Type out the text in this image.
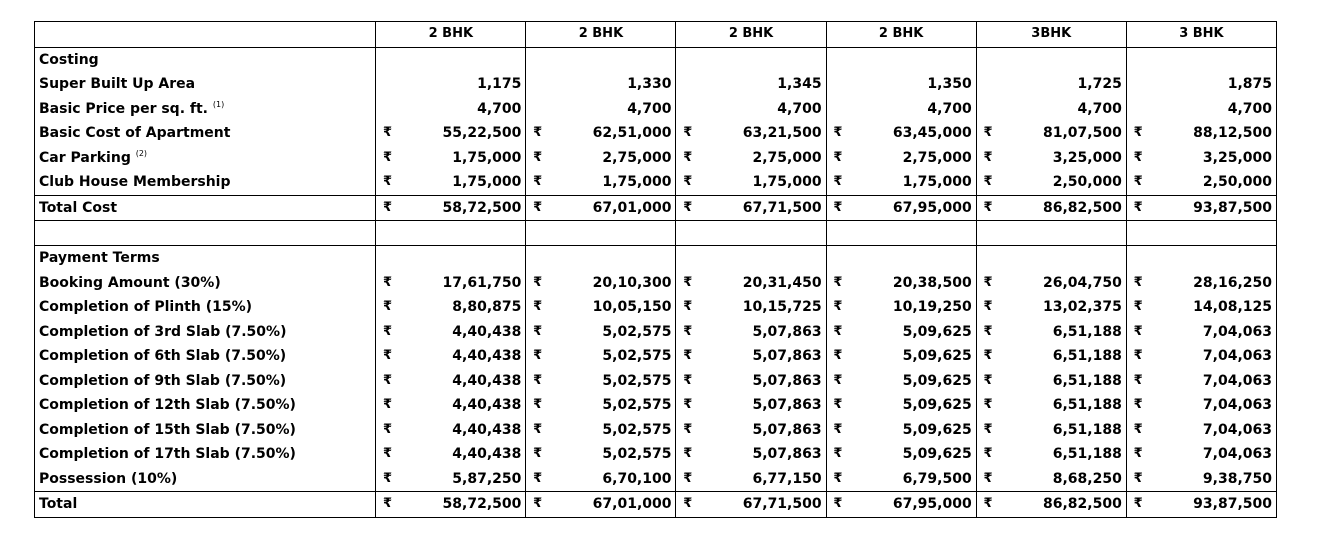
	2 BHK		2 BHK		2 BHK		2 BHK		3BHK		3 BHK	
Costing												
Super Built Up Area		1,175		1,330		1,345		1,350		1,725		1,875
Basic Price per sq. ft. $^{(1)}$		4,700		4,700		4,700		4,700		4,700		4,700
Basic Cost of Apartment	₹	55,22,500	₹	62,51,000	₹	63,21,500	₹	63,45,000	₹	81,07,500	₹	88,12,500
Car Parking $^{(2)}$	₹	1,75,000	₹	2,75,000	₹	2,75,000	₹	2,75,000	₹	3,25,000	₹	3,25,000
Club House Membership	₹	1,75,000	₹	1,75,000	₹	1,75,000	₹	1,75,000	₹	2,50,000	₹	2,50,000
Total Cost	₹	58,72,500	₹	67,01,000	₹	67,71,500	₹	67,95,000	₹	86,82,500	₹	93,87,500

Payment Terms												
Booking Amount (30%)	₹	17,61,750	₹	20,10,300	₹	20,31,450	₹	20,38,500	₹	26,04,750	₹	28,16,250
Completion of Plinth (15%)	₹	8,80,875	₹	10,05,150	₹	10,15,725	₹	10,19,250	₹	13,02,375	₹	14,08,125
Completion of 3rd Slab (7.50%)	₹	4,40,438	₹	5,02,575	₹	5,07,863	₹	5,09,625	₹	6,51,188	₹	7,04,063
Completion of 6th Slab (7.50%)	₹	4,40,438	₹	5,02,575	₹	5,07,863	₹	5,09,625	₹	6,51,188	₹	7,04,063
Completion of 9th Slab (7.50%)	₹	4,40,438	₹	5,02,575	₹	5,07,863	₹	5,09,625	₹	6,51,188	₹	7,04,063
Completion of 12th Slab (7.50%)	₹	4,40,438	₹	5,02,575	₹	5,07,863	₹	5,09,625	₹	6,51,188	₹	7,04,063
Completion of 15th Slab (7.50%)	₹	4,40,438	₹	5,02,575	₹	5,07,863	₹	5,09,625	₹	6,51,188	₹	7,04,063
Completion of 17th Slab (7.50%)	₹	4,40,438	₹	5,02,575	₹	5,07,863	₹	5,09,625	₹	6,51,188	₹	7,04,063
Possession (10%)	₹	5,87,250	₹	6,70,100	₹	6,77,150	₹	6,79,500	₹	8,68,250	₹	9,38,750
Total	₹	58,72,500	₹	67,01,000	₹	67,71,500	₹	67,95,000	₹	86,82,500	₹	93,87,500
